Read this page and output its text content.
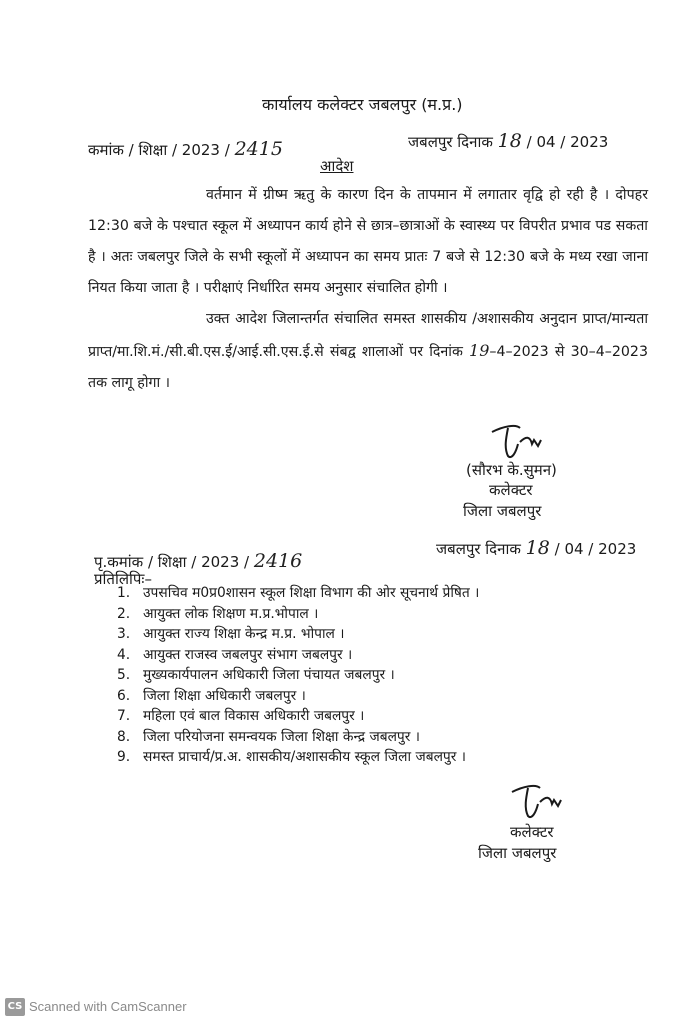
कार्यालय कलेक्टर जबलपुर (म.प्र.)
कमांक / शिक्षा / 2023 / 2415	जबलपुर दिनाक 18 / 04 / 2023
आदेश

वर्तमान में ग्रीष्म ऋतु के कारण दिन के तापमान में लगातार वृद्वि हो रही है । दोपहर 12:30 बजे के पश्चात स्कूल में अध्यापन कार्य होने से छात्र–छात्राओं के स्वास्थ्य पर विपरीत प्रभाव पड सकता है । अतः जबलपुर जिले के सभी स्कूलों में अध्यापन का समय प्रातः 7 बजे से 12:30 बजे के मध्य रखा जाना नियत किया जाता है । परीक्षाएं निर्धारित समय अनुसार संचालित होगी ।

उक्त आदेश जिलान्तर्गत संचालित समस्त शासकीय /अशासकीय अनुदान प्राप्त/मान्यता प्राप्त/मा.शि.मं./सी.बी.एस.ई/आई.सी.एस.ई.से संबद्व शालाओं पर दिनांक 19–4–2023 से 30–4–2023 तक लागू होगा ।

(सौरभ के.सुमन)
कलेक्टर
जिला जबलपुर
पृ.कमांक / शिक्षा / 2023 / 2416
जबलपुर दिनाक 18 / 04 / 2023
प्रतिलिपिः–
1. उपसचिव म0प्र0शासन स्कूल शिक्षा विभाग की ओर सूचनार्थ प्रेषित ।
2. आयुक्त लोक शिक्षण म.प्र.भोपाल ।
3. आयुक्त राज्य शिक्षा केन्द्र म.प्र. भोपाल ।
4. आयुक्त राजस्व जबलपुर संभाग जबलपुर ।
5. मुख्यकार्यपालन अधिकारी जिला पंचायत जबलपुर ।
6. जिला शिक्षा अधिकारी जबलपुर ।
7. महिला एवं बाल विकास अधिकारी जबलपुर ।
8. जिला परियोजना समन्वयक जिला शिक्षा केन्द्र जबलपुर ।
9. समस्त प्राचार्य/प्र.अ. शासकीय/अशासकीय स्कूल जिला जबलपुर ।
कलेक्टर
जिला जबलपुर
CS Scanned with CamScanner
